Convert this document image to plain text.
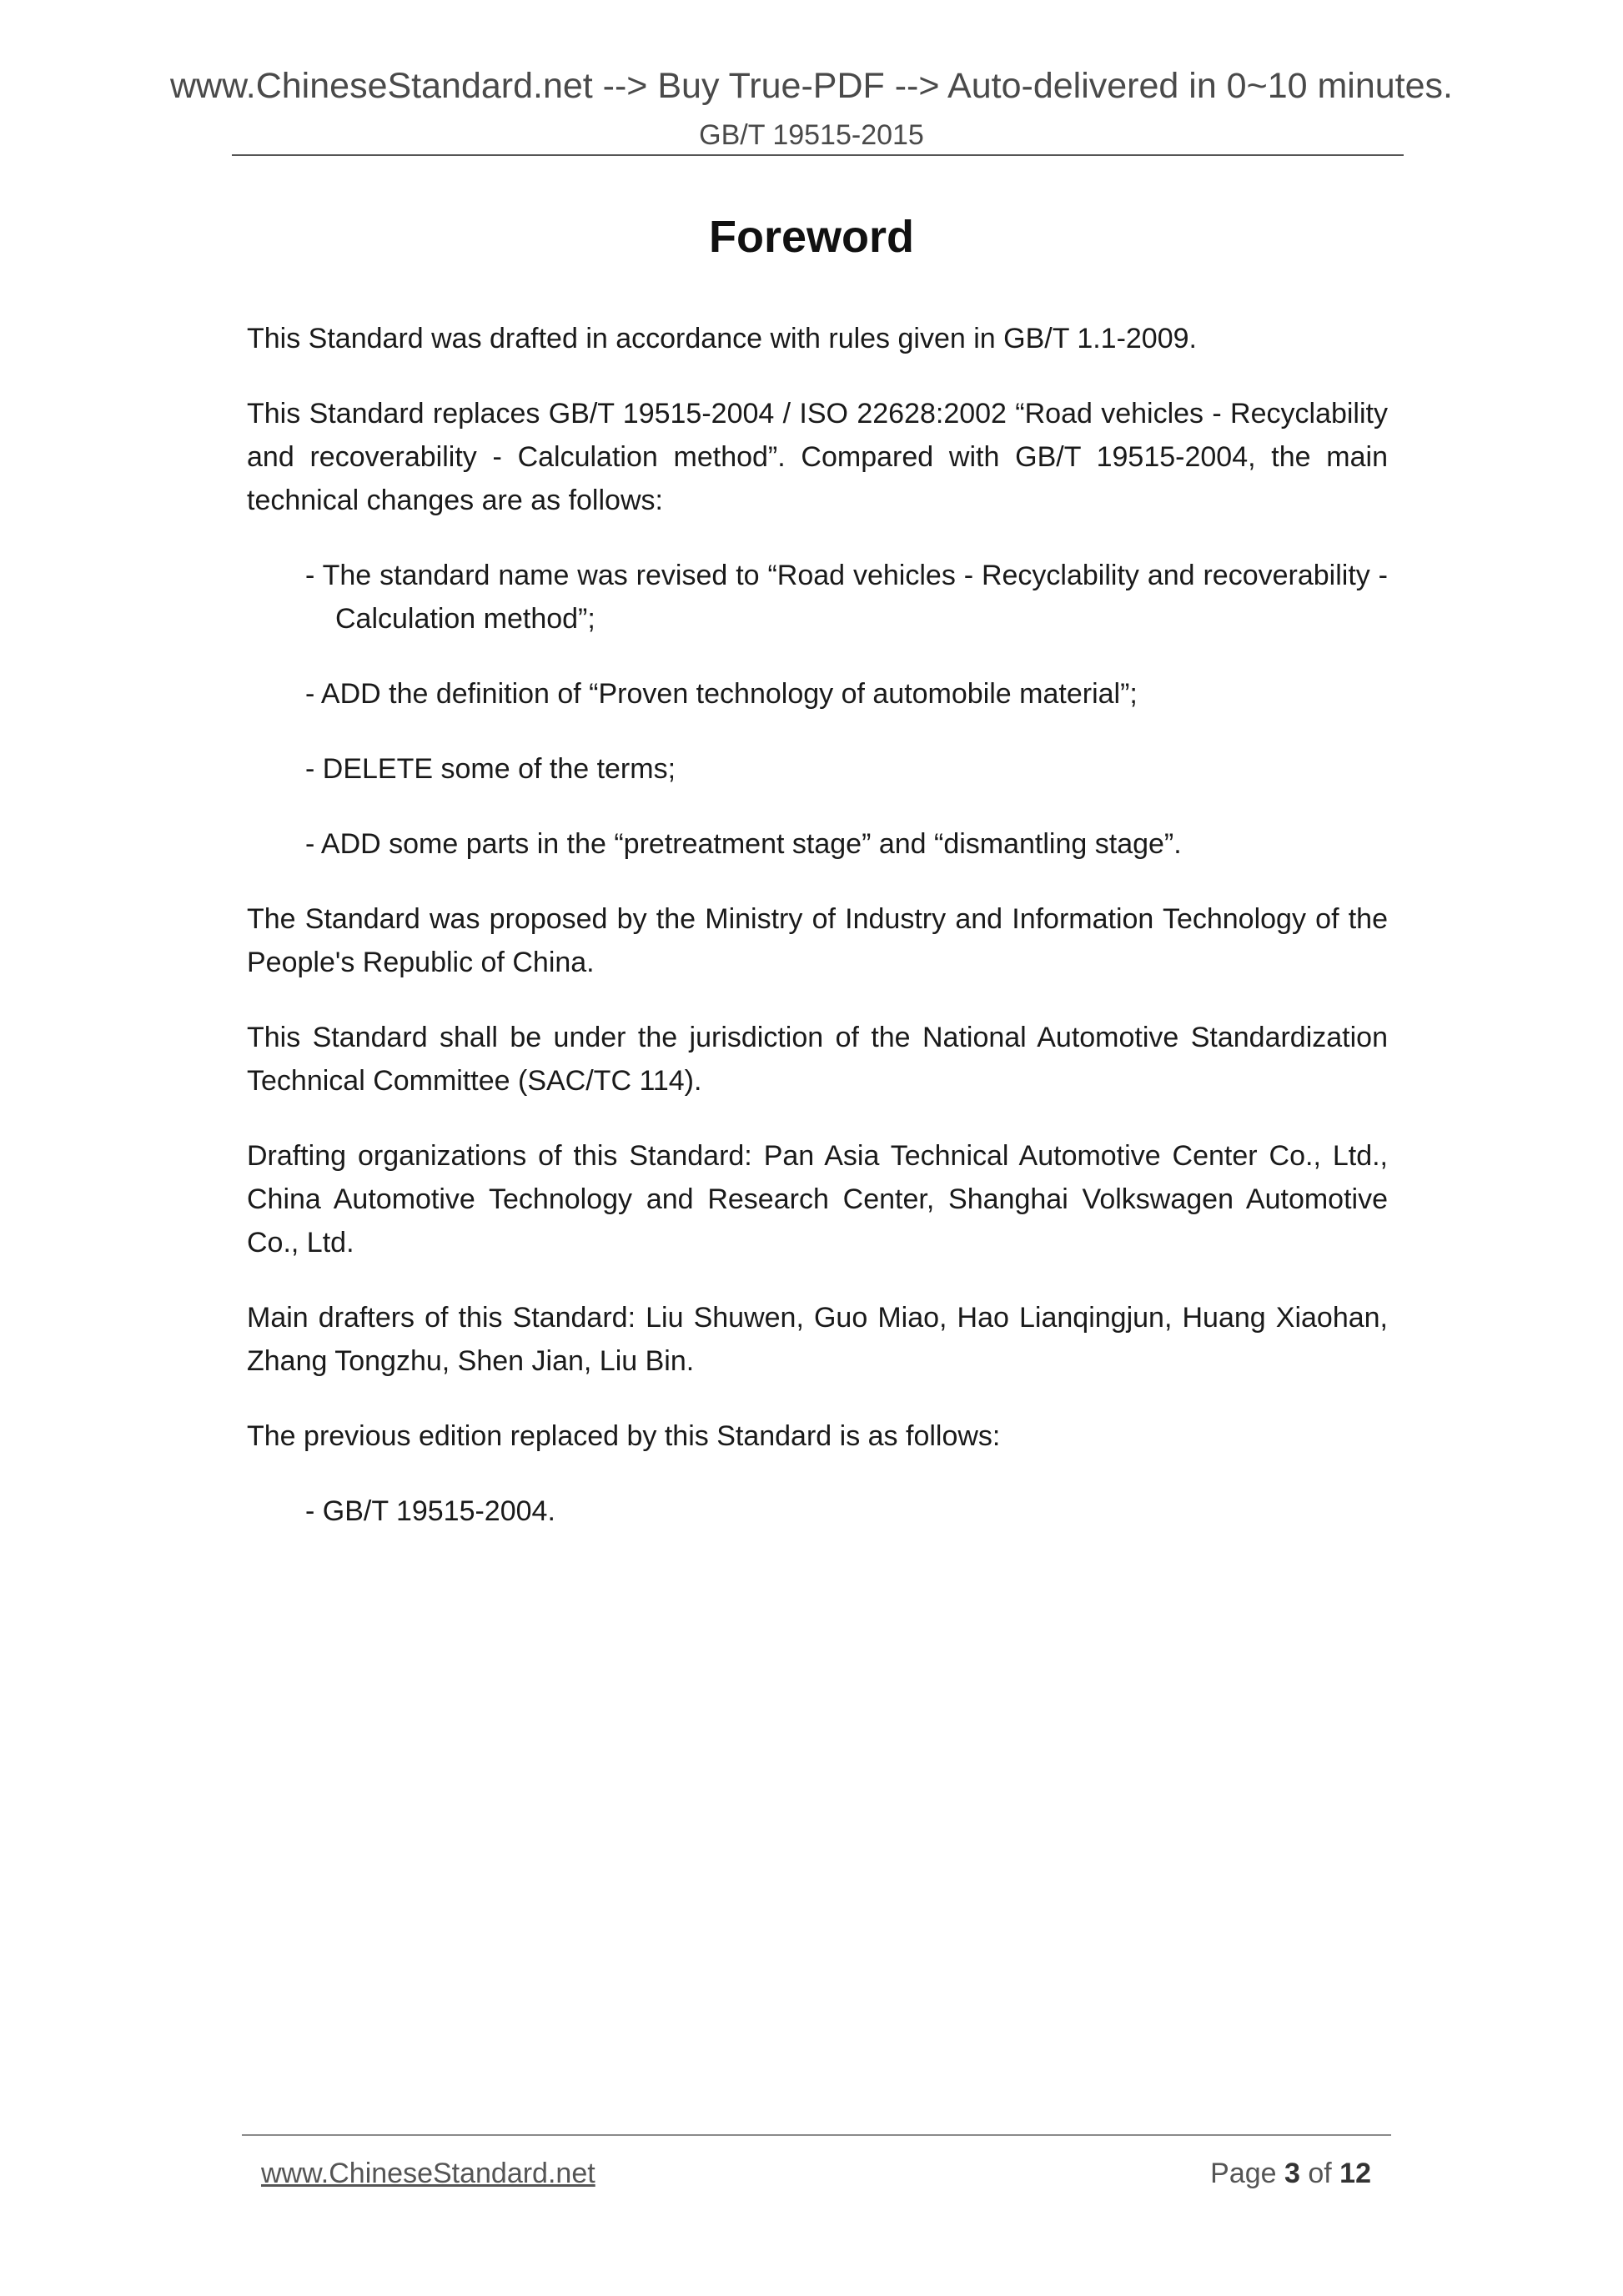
www.ChineseStandard.net --> Buy True-PDF --> Auto-delivered in 0~10 minutes.
GB/T 19515-2015
Foreword

This Standard was drafted in accordance with rules given in GB/T 1.1-2009.

This Standard replaces GB/T 19515-2004 / ISO 22628:2002 “Road vehicles - Recyclability and recoverability - Calculation method”. Compared with GB/T 19515-2004, the main technical changes are as follows:

- The standard name was revised to “Road vehicles - Recyclability and recoverability - Calculation method”;

- ADD the definition of “Proven technology of automobile material”;

- DELETE some of the terms;

- ADD some parts in the “pretreatment stage” and “dismantling stage”.

The Standard was proposed by the Ministry of Industry and Information Technology of the People's Republic of China.

This Standard shall be under the jurisdiction of the National Automotive Standardization Technical Committee (SAC/TC 114).

Drafting organizations of this Standard: Pan Asia Technical Automotive Center Co., Ltd., China Automotive Technology and Research Center, Shanghai Volkswagen Automotive Co., Ltd.

Main drafters of this Standard: Liu Shuwen, Guo Miao, Hao Lianqingjun, Huang Xiaohan, Zhang Tongzhu, Shen Jian, Liu Bin.

The previous edition replaced by this Standard is as follows:

- GB/T 19515-2004.

www.ChineseStandard.net	Page 3 of 12
